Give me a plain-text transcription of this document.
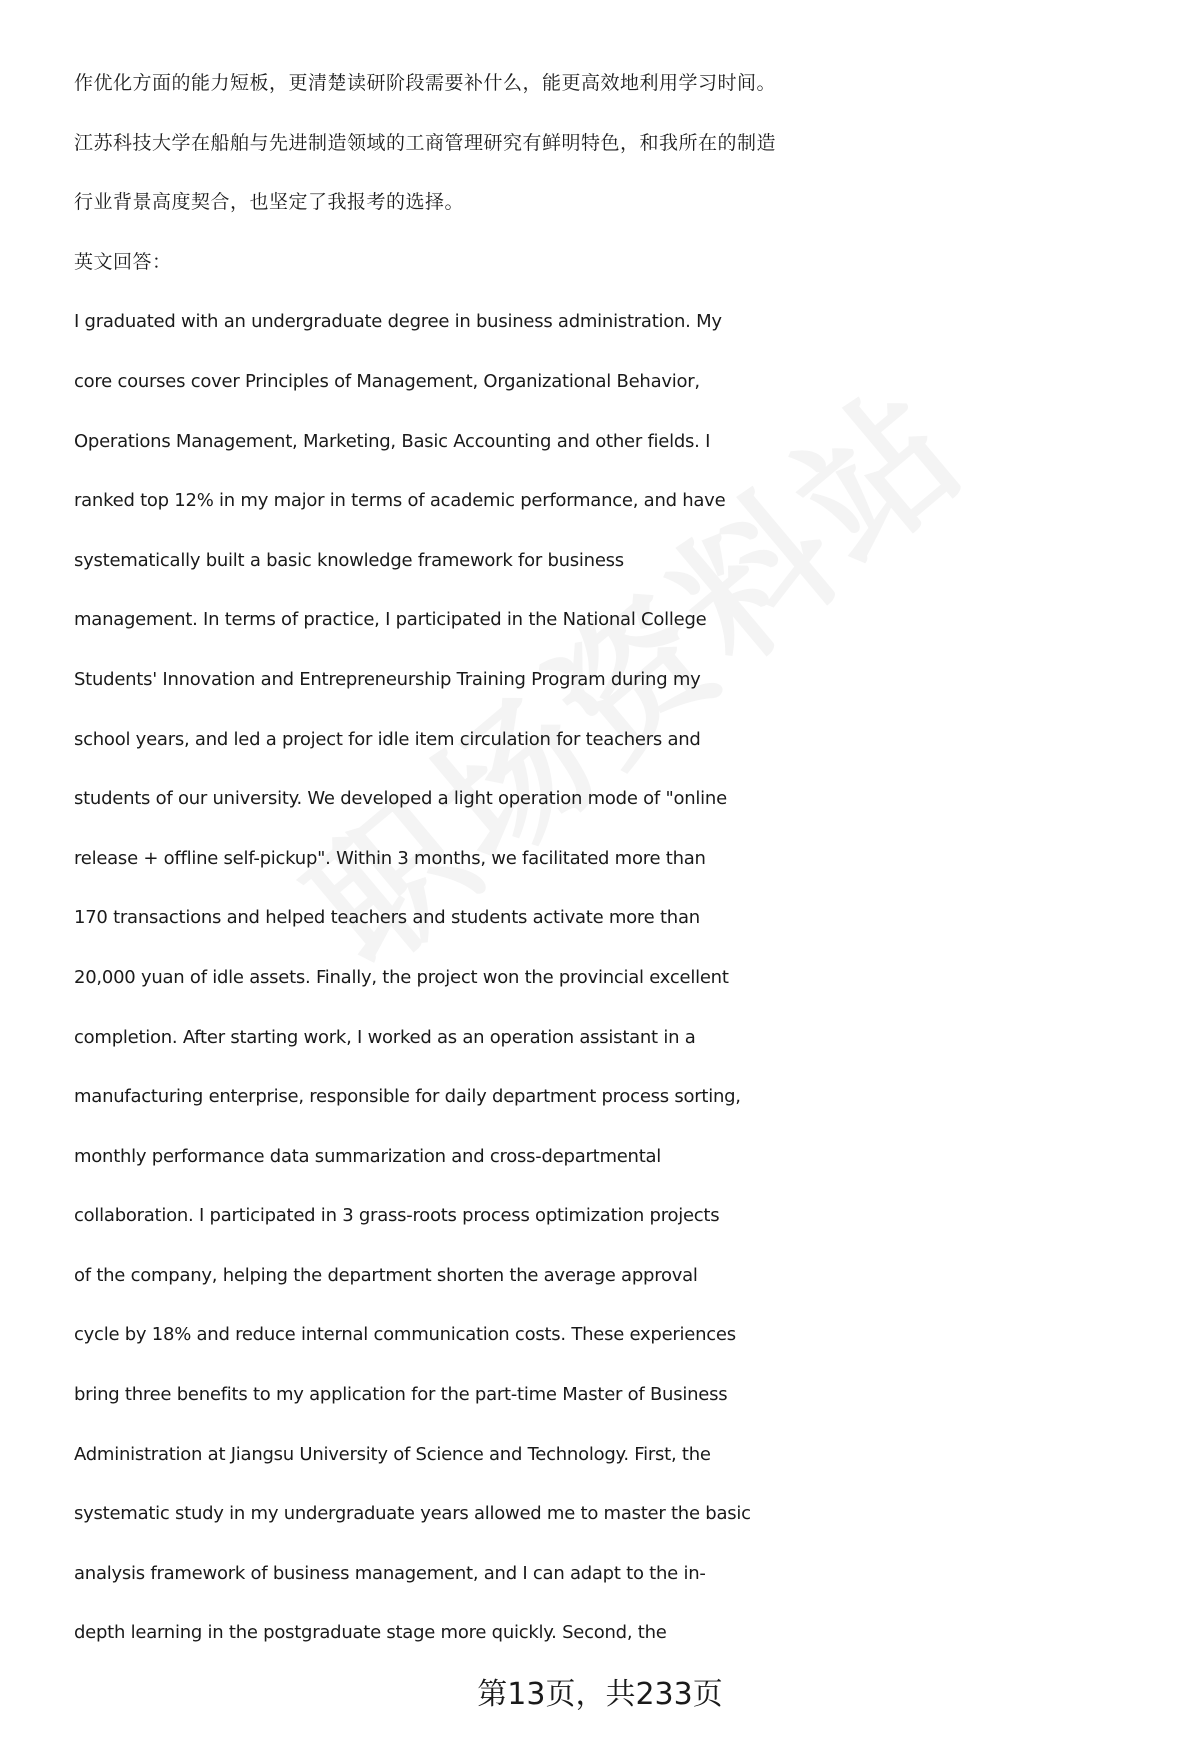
作优化方面的能力短板，更清楚读研阶段需要补什么，能更高效地利用学习时间。
江苏科技大学在船舶与先进制造领域的工商管理研究有鲜明特色，和我所在的制造
行业背景高度契合，也坚定了我报考的选择。
英文回答：
I graduated with an undergraduate degree in business administration. My
core courses cover Principles of Management, Organizational Behavior,
Operations Management, Marketing, Basic Accounting and other fields. I
ranked top 12% in my major in terms of academic performance, and have
systematically built a basic knowledge framework for business
management. In terms of practice, I participated in the National College
Students' Innovation and Entrepreneurship Training Program during my
school years, and led a project for idle item circulation for teachers and
students of our university. We developed a light operation mode of "online
release + offline self-pickup". Within 3 months, we facilitated more than
170 transactions and helped teachers and students activate more than
20,000 yuan of idle assets. Finally, the project won the provincial excellent
completion. After starting work, I worked as an operation assistant in a
manufacturing enterprise, responsible for daily department process sorting,
monthly performance data summarization and cross-departmental
collaboration. I participated in 3 grass-roots process optimization projects
of the company, helping the department shorten the average approval
cycle by 18% and reduce internal communication costs. These experiences
bring three benefits to my application for the part-time Master of Business
Administration at Jiangsu University of Science and Technology. First, the
systematic study in my undergraduate years allowed me to master the basic
analysis framework of business management, and I can adapt to the in-
depth learning in the postgraduate stage more quickly. Second, the
第13页，共233页
